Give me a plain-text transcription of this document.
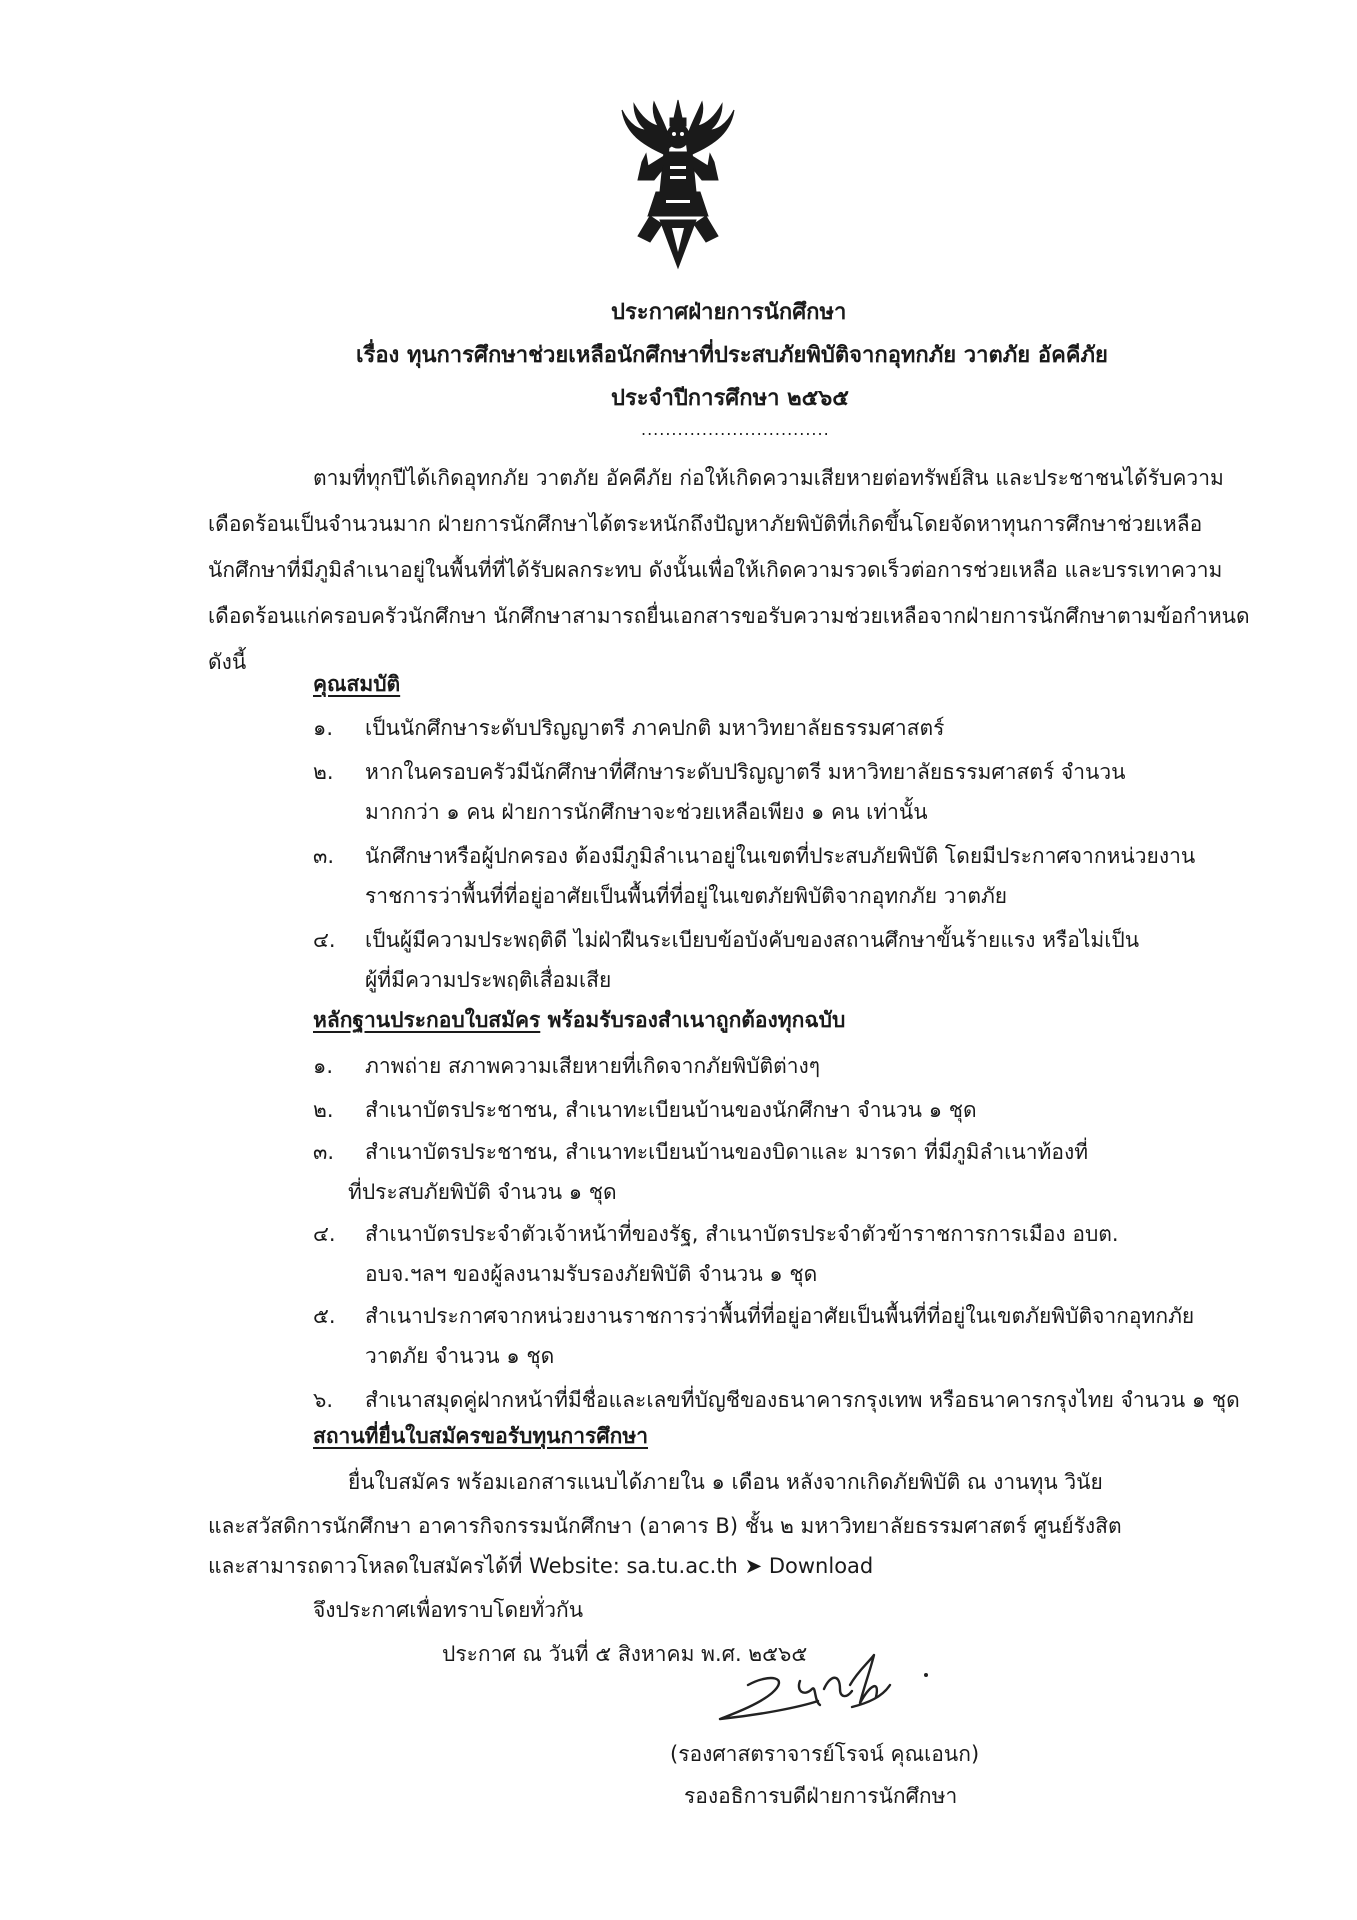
ประกาศฝ่ายการนักศึกษา
เรื่อง ทุนการศึกษาช่วยเหลือนักศึกษาที่ประสบภัยพิบัติจากอุทกภัย วาตภัย อัคคีภัย
ประจำปีการศึกษา ๒๕๖๕
...............................
ตามที่ทุกปีได้เกิดอุทกภัย วาตภัย อัคคีภัย ก่อให้เกิดความเสียหายต่อทรัพย์สิน และประชาชนได้รับความ
เดือดร้อนเป็นจำนวนมาก ฝ่ายการนักศึกษาได้ตระหนักถึงปัญหาภัยพิบัติที่เกิดขึ้นโดยจัดหาทุนการศึกษาช่วยเหลือ
นักศึกษาที่มีภูมิลำเนาอยู่ในพื้นที่ที่ได้รับผลกระทบ ดังนั้นเพื่อให้เกิดความรวดเร็วต่อการช่วยเหลือ และบรรเทาความ
เดือดร้อนแก่ครอบครัวนักศึกษา นักศึกษาสามารถยื่นเอกสารขอรับความช่วยเหลือจากฝ่ายการนักศึกษาตามข้อกำหนด
ดังนี้
คุณสมบัติ
๑. เป็นนักศึกษาระดับปริญญาตรี ภาคปกติ มหาวิทยาลัยธรรมศาสตร์
๒. หากในครอบครัวมีนักศึกษาที่ศึกษาระดับปริญญาตรี มหาวิทยาลัยธรรมศาสตร์ จำนวน
มากกว่า ๑ คน ฝ่ายการนักศึกษาจะช่วยเหลือเพียง ๑ คน เท่านั้น
๓. นักศึกษาหรือผู้ปกครอง ต้องมีภูมิลำเนาอยู่ในเขตที่ประสบภัยพิบัติ โดยมีประกาศจากหน่วยงาน
ราชการว่าพื้นที่ที่อยู่อาศัยเป็นพื้นที่ที่อยู่ในเขตภัยพิบัติจากอุทกภัย วาตภัย
๔. เป็นผู้มีความประพฤติดี ไม่ฝ่าฝืนระเบียบข้อบังคับของสถานศึกษาขั้นร้ายแรง หรือไม่เป็น
ผู้ที่มีความประพฤติเสื่อมเสีย
หลักฐานประกอบใบสมัคร พร้อมรับรองสำเนาถูกต้องทุกฉบับ
๑. ภาพถ่าย สภาพความเสียหายที่เกิดจากภัยพิบัติต่างๆ
๒. สำเนาบัตรประชาชน, สำเนาทะเบียนบ้านของนักศึกษา จำนวน ๑ ชุด
๓. สำเนาบัตรประชาชน, สำเนาทะเบียนบ้านของบิดาและ มารดา ที่มีภูมิลำเนาท้องที่
ที่ประสบภัยพิบัติ จำนวน ๑ ชุด
๔. สำเนาบัตรประจำตัวเจ้าหน้าที่ของรัฐ, สำเนาบัตรประจำตัวข้าราชการการเมือง อบต.
อบจ.ฯลฯ ของผู้ลงนามรับรองภัยพิบัติ จำนวน ๑ ชุด
๕. สำเนาประกาศจากหน่วยงานราชการว่าพื้นที่ที่อยู่อาศัยเป็นพื้นที่ที่อยู่ในเขตภัยพิบัติจากอุทกภัย
วาตภัย จำนวน ๑ ชุด
๖. สำเนาสมุดคู่ฝากหน้าที่มีชื่อและเลขที่บัญชีของธนาคารกรุงเทพ หรือธนาคารกรุงไทย จำนวน ๑ ชุด
สถานที่ยื่นใบสมัครขอรับทุนการศึกษา
ยื่นใบสมัคร พร้อมเอกสารแนบได้ภายใน ๑ เดือน หลังจากเกิดภัยพิบัติ ณ งานทุน วินัย
และสวัสดิการนักศึกษา อาคารกิจกรรมนักศึกษา (อาคาร B) ชั้น ๒ มหาวิทยาลัยธรรมศาสตร์ ศูนย์รังสิต
และสามารถดาวโหลดใบสมัครได้ที่ Website: sa.tu.ac.th ➤ Download
จึงประกาศเพื่อทราบโดยทั่วกัน
ประกาศ ณ วันที่ ๕ สิงหาคม พ.ศ. ๒๕๖๕
(รองศาสตราจารย์โรจน์ คุณเอนก)
รองอธิการบดีฝ่ายการนักศึกษา
